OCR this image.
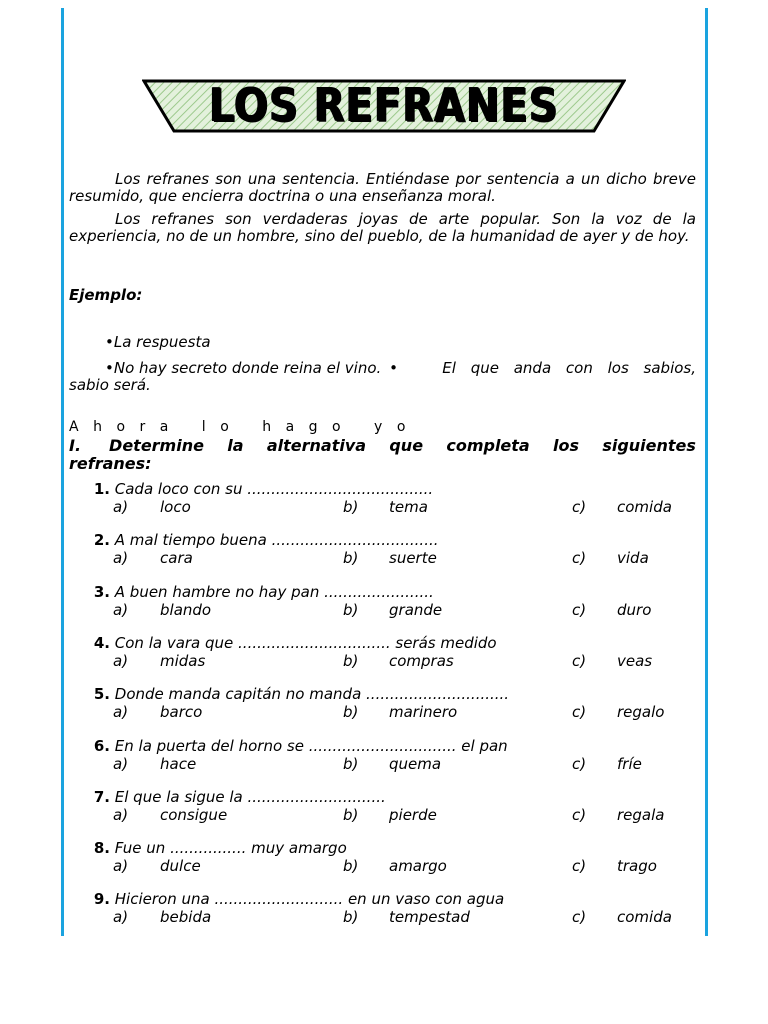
LOS REFRANES

Los refranes son una sentencia. Entiéndase por sentencia a un dicho breve resumido, que encierra doctrina o una enseñanza moral.

Los refranes son verdaderas joyas de arte popular. Son la voz de la experiencia, no de un hombre, sino del pueblo, de la humanidad de ayer y de hoy.

Ejemplo:
•La respuesta
•No hay secreto donde reina el vino. •	El que anda con los sabios,
sabio será.
Ahora lo hago yo
I. Determine la alternativa que completa los siguientes
refranes:
1. Cada loco con su .......................................
a) loco	b) tema	c) comida
2. A mal tiempo buena ...................................
a) cara	b) suerte	c) vida
3. A buen hambre no hay pan .......................
a) blando	b) grande	c) duro
4. Con la vara que ................................ serás medido
a) midas	b) compras	c) veas
5. Donde manda capitán no manda ..............................
a) barco	b) marinero	c) regalo
6. En la puerta del horno se ............................... el pan
a) hace	b) quema	c) fríe
7. El que la sigue la .............................
a) consigue	b) pierde	c) regala
8. Fue un ................ muy amargo
a) dulce	b) amargo	c) trago
9. Hicieron una ........................... en un vaso con agua
a) bebida	b) tempestad	c) comida
